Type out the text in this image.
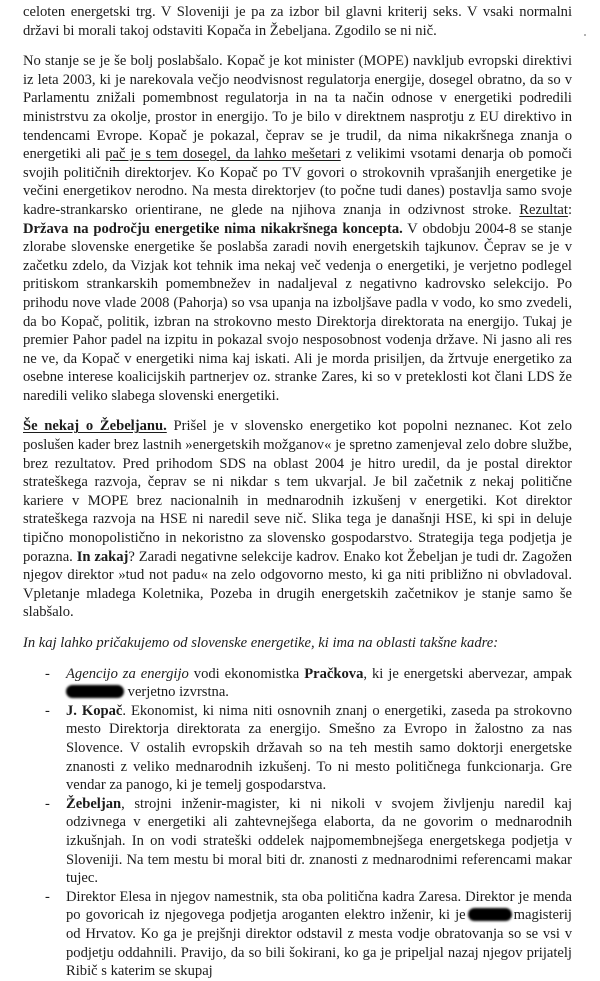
celoten energetski trg. V Sloveniji je pa za izbor bil glavni kriterij seks. V vsaki normalni državi bi morali takoj odstaviti Kopača in Žebeljana. Zgodilo se ni nič.

No stanje se je še bolj poslabšalo. Kopač je kot minister (MOPE) navkljub evropski direktivi iz leta 2003, ki je narekovala večjo neodvisnost regulatorja energije, dosegel obratno, da so v Parlamentu znižali pomembnost regulatorja in na ta način odnose v energetiki podredili ministrstvu za okolje, prostor in energijo. To je bilo v direktnem nasprotju z EU direktivo in tendencami Evrope. Kopač je pokazal, čeprav se je trudil, da nima nikakršnega znanja o energetiki ali pač je s tem dosegel, da lahko mešetari z velikimi vsotami denarja ob pomoči svojih političnih direktorjev. Ko Kopač po TV govori o strokovnih vprašanjih energetike je večini energetikov nerodno. Na mesta direktorjev (to počne tudi danes) postavlja samo svoje kadre-strankarsko orientirane, ne glede na njihova znanja in odzivnost stroke. Rezultat: Država na področju energetike nima nikakršnega koncepta. V obdobju 2004-8 se stanje zlorabe slovenske energetike še poslabša zaradi novih energetskih tajkunov. Čeprav se je v začetku zdelo, da Vizjak kot tehnik ima nekaj več vedenja o energetiki, je verjetno podlegel pritiskom strankarskih pomembnežev in nadaljeval z negativno kadrovsko selekcijo. Po prihodu nove vlade 2008 (Pahorja) so vsa upanja na izboljšave padla v vodo, ko smo zvedeli, da bo Kopač, politik, izbran na strokovno mesto Direktorja direktorata na energijo. Tukaj je premier Pahor padel na izpitu in pokazal svojo nesposobnost vodenja države. Ni jasno ali res ne ve, da Kopač v energetiki nima kaj iskati. Ali je morda prisiljen, da žrtvuje energetiko za osebne interese koalicijskih partnerjev oz. stranke Zares, ki so v preteklosti kot člani LDS že naredili veliko slabega slovenski energetiki.

Še nekaj o Žebeljanu. Prišel je v slovensko energetiko kot popolni neznanec. Kot zelo poslušen kader brez lastnih »energetskih možganov« je spretno zamenjeval zelo dobre službe, brez rezultatov. Pred prihodom SDS na oblast 2004 je hitro uredil, da je postal direktor strateškega razvoja, čeprav se ni nikdar s tem ukvarjal. Je bil začetnik z nekaj politične kariere v MOPE brez nacionalnih in mednarodnih izkušenj v energetiki. Kot direktor strateškega razvoja na HSE ni naredil seve nič. Slika tega je današnji HSE, ki spi in deluje tipično monopolistično in nekoristno za slovensko gospodarstvo. Strategija tega podjetja je porazna. In zakaj? Zaradi negativne selekcije kadrov. Enako kot Žebeljan je tudi dr. Zagožen njegov direktor »tud not padu« na zelo odgovorno mesto, ki ga niti približno ni obvladoval. Vpletanje mladega Koletnika, Pozeba in drugih energetskih začetnikov je stanje samo še slabšalo.

In kaj lahko pričakujemo od slovenske energetike, ki ima na oblasti takšne kadre:

- Agencijo za energijo vodi ekonomistka Pračkova, ki je energetski abervezar, ampak  verjetno izvrstna.
- J. Kopač. Ekonomist, ki nima niti osnovnih znanj o energetiki, zaseda pa strokovno mesto Direktorja direktorata za energijo. Smešno za Evropo in žalostno za nas Slovence. V ostalih evropskih državah so na teh mestih samo doktorji energetske znanosti z veliko mednarodnih izkušenj. To ni mesto političnega funkcionarja. Gre vendar za panogo, ki je temelj gospodarstva.
- Žebeljan, strojni inženir-magister, ki ni nikoli v svojem življenju naredil kaj odzivnega v energetiki ali zahtevnejšega elaborta, da ne govorim o mednarodnih izkušnjah. In on vodi strateški oddelek najpomembnejšega energetskega podjetja v Sloveniji. Na tem mestu bi moral biti dr. znanosti z mednarodnimi referencami makar tujec.
- Direktor Elesa in njegov namestnik, sta oba politična kadra Zaresa. Direktor je menda po govoricah iz njegovega podjetja aroganten elektro inženir, ki je	magisterij od Hrvatov. Ko ga je prejšnji direktor odstavil z mesta vodje obratovanja so se vsi v podjetju oddahnili. Pravijo, da so bili šokirani, ko ga je pripeljal nazaj njegov prijatelj Ribič s katerim se skupaj
